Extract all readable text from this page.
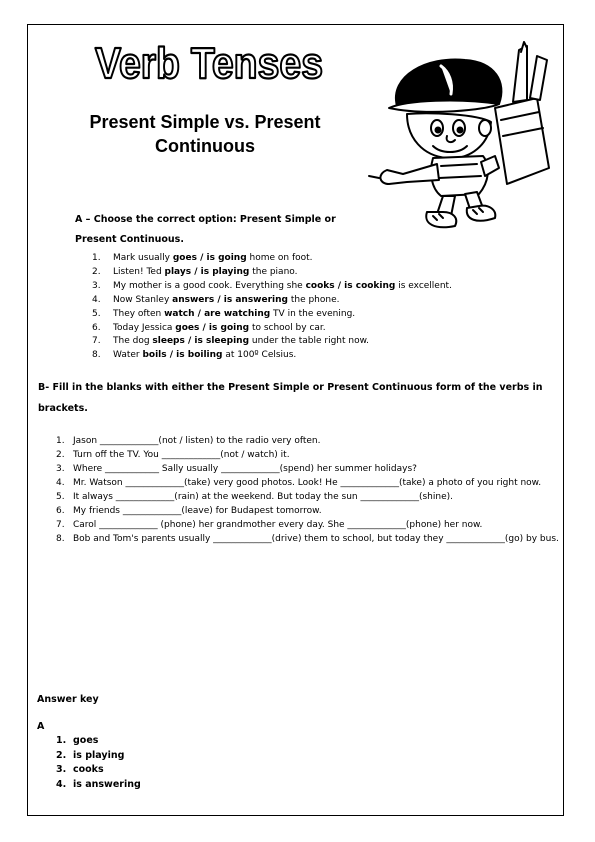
Verb Tenses
Present Simple vs. Present Continuous
A – Choose the correct option: Present Simple or Present Continuous.
1.	Mark usually goes / is going home on foot.
2.	Listen! Ted plays / is playing the piano.
3.	My mother is a good cook. Everything she cooks / is cooking is excellent.
4.	Now Stanley answers / is answering the phone.
5.	They often watch / are watching TV in the evening.
6.	Today Jessica goes / is going to school by car.
7.	The dog sleeps / is sleeping under the table right now.
8.	Water boils / is boiling at 100º Celsius.
B- Fill in the blanks with either the Present Simple or Present Continuous form of the verbs in brackets.
1. Jason _____________(not / listen) to the radio very often.
2. Turn off the TV. You _____________(not / watch) it.
3. Where ____________ Sally usually _____________(spend) her summer holidays?
4. Mr. Watson _____________(take) very good photos. Look! He _____________(take) a photo of you right now.
5. It always _____________(rain) at the weekend. But today the sun _____________(shine).
6. My friends _____________(leave) for Budapest tomorrow.
7. Carol _____________ (phone) her grandmother every day. She _____________(phone) her now.
8. Bob and Tom's parents usually _____________(drive) them to school, but today they _____________(go) by bus.
Answer key
A
1. goes
2. is playing
3. cooks
4. is answering
